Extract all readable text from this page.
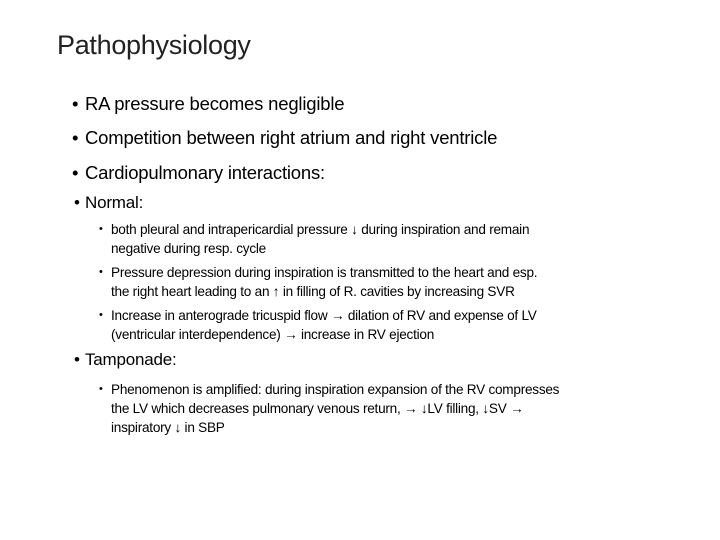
Pathophysiology
• RA pressure becomes negligible
• Competition between right atrium and right ventricle
• Cardiopulmonary interactions:
• Normal:
• both pleural and intrapericardial pressure ↓ during inspiration and remain
negative during resp. cycle
• Pressure depression during inspiration is transmitted to the heart and esp.
the right heart leading to an ↑ in filling of R. cavities by increasing SVR
• Increase in anterograde tricuspid flow → dilation of RV and expense of LV
(ventricular interdependence) → increase in RV ejection
• Tamponade:
• Phenomenon is amplified: during inspiration expansion of the RV compresses
the LV which decreases pulmonary venous return, → ↓LV filling, ↓SV →
inspiratory ↓ in SBP
